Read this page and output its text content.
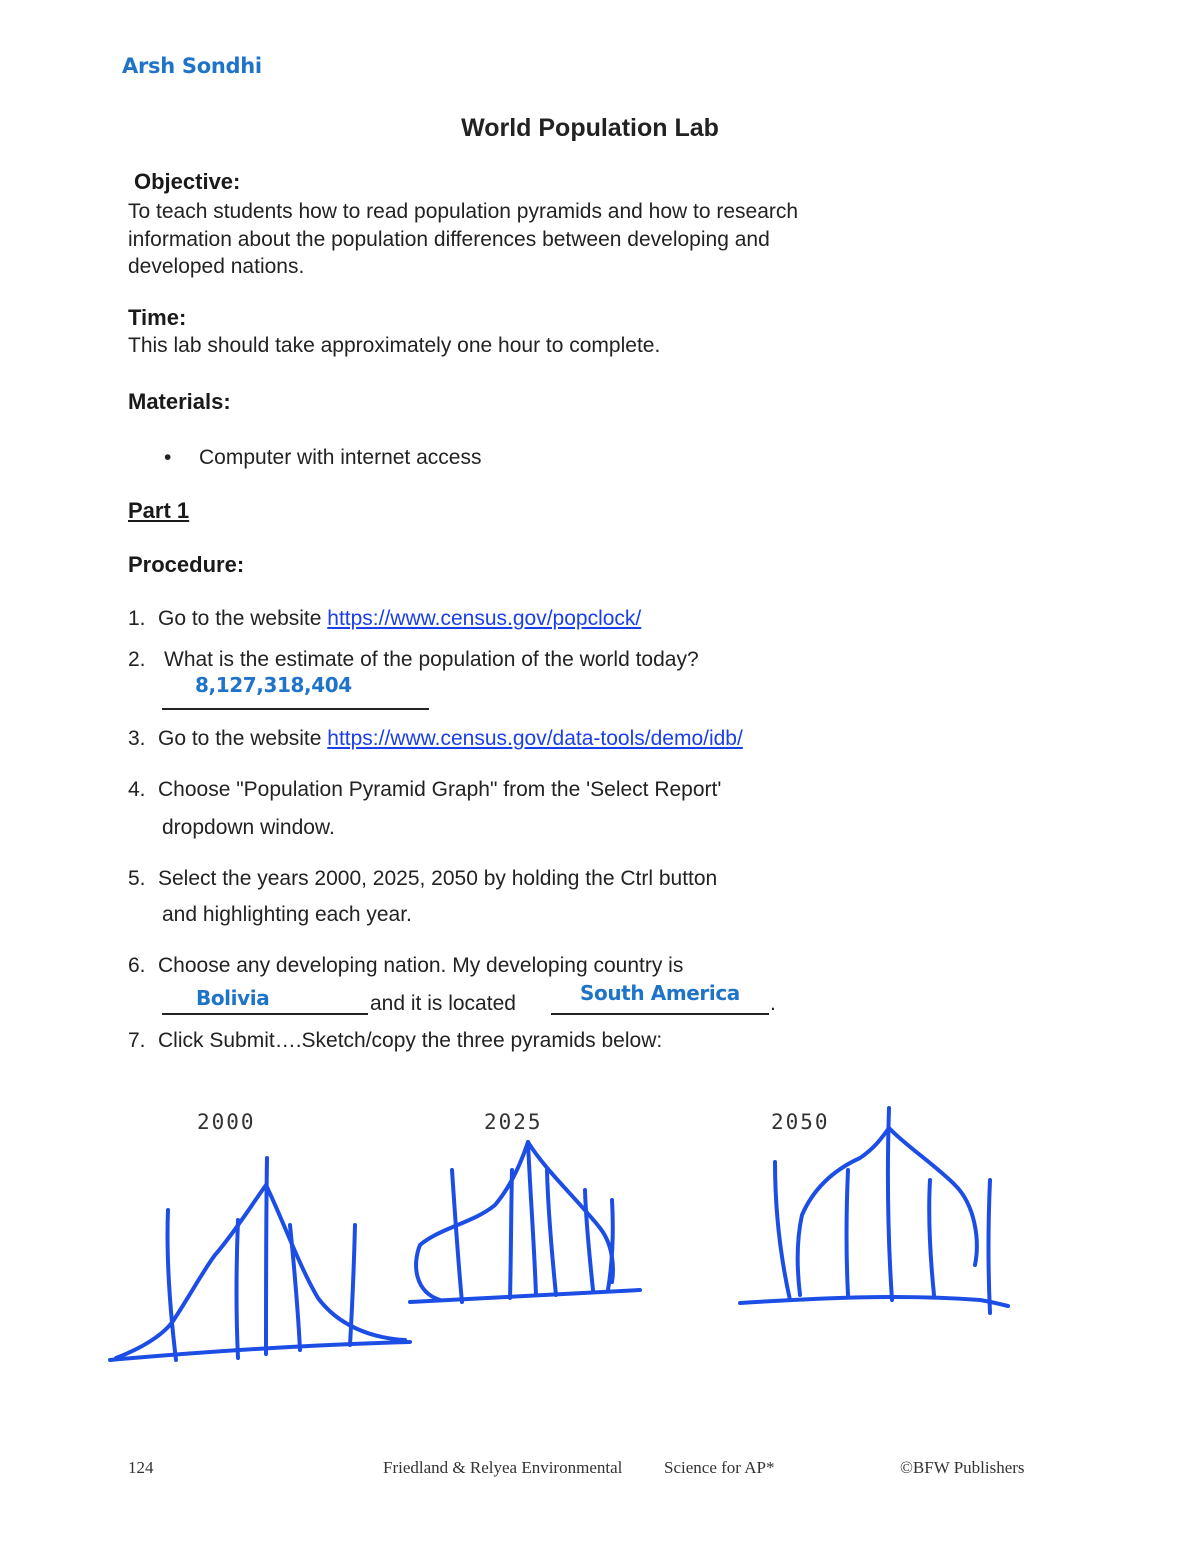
Arsh Sondhi
World Population Lab
Objective:
To teach students how to read population pyramids and how to research
information about the population differences between developing and
developed nations.
Time:
This lab should take approximately one hour to complete.
Materials:
• Computer with internet access
Part 1
Procedure:
1. Go to the website https://www.census.gov/popclock/
2. What is the estimate of the population of the world today?
8,127,318,404
3. Go to the website https://www.census.gov/data-tools/demo/idb/
4. Choose "Population Pyramid Graph" from the 'Select Report'
dropdown window.
5. Select the years 2000, 2025, 2050 by holding the Ctrl button
and highlighting each year.
6. Choose any developing nation. My developing country is
Bolivia	and it is located	South America .
7. Click Submit….Sketch/copy the three pyramids below:
2000	2025	2050
124	Friedland & Relyea Environmental Science for AP*	©BFW Publishers
